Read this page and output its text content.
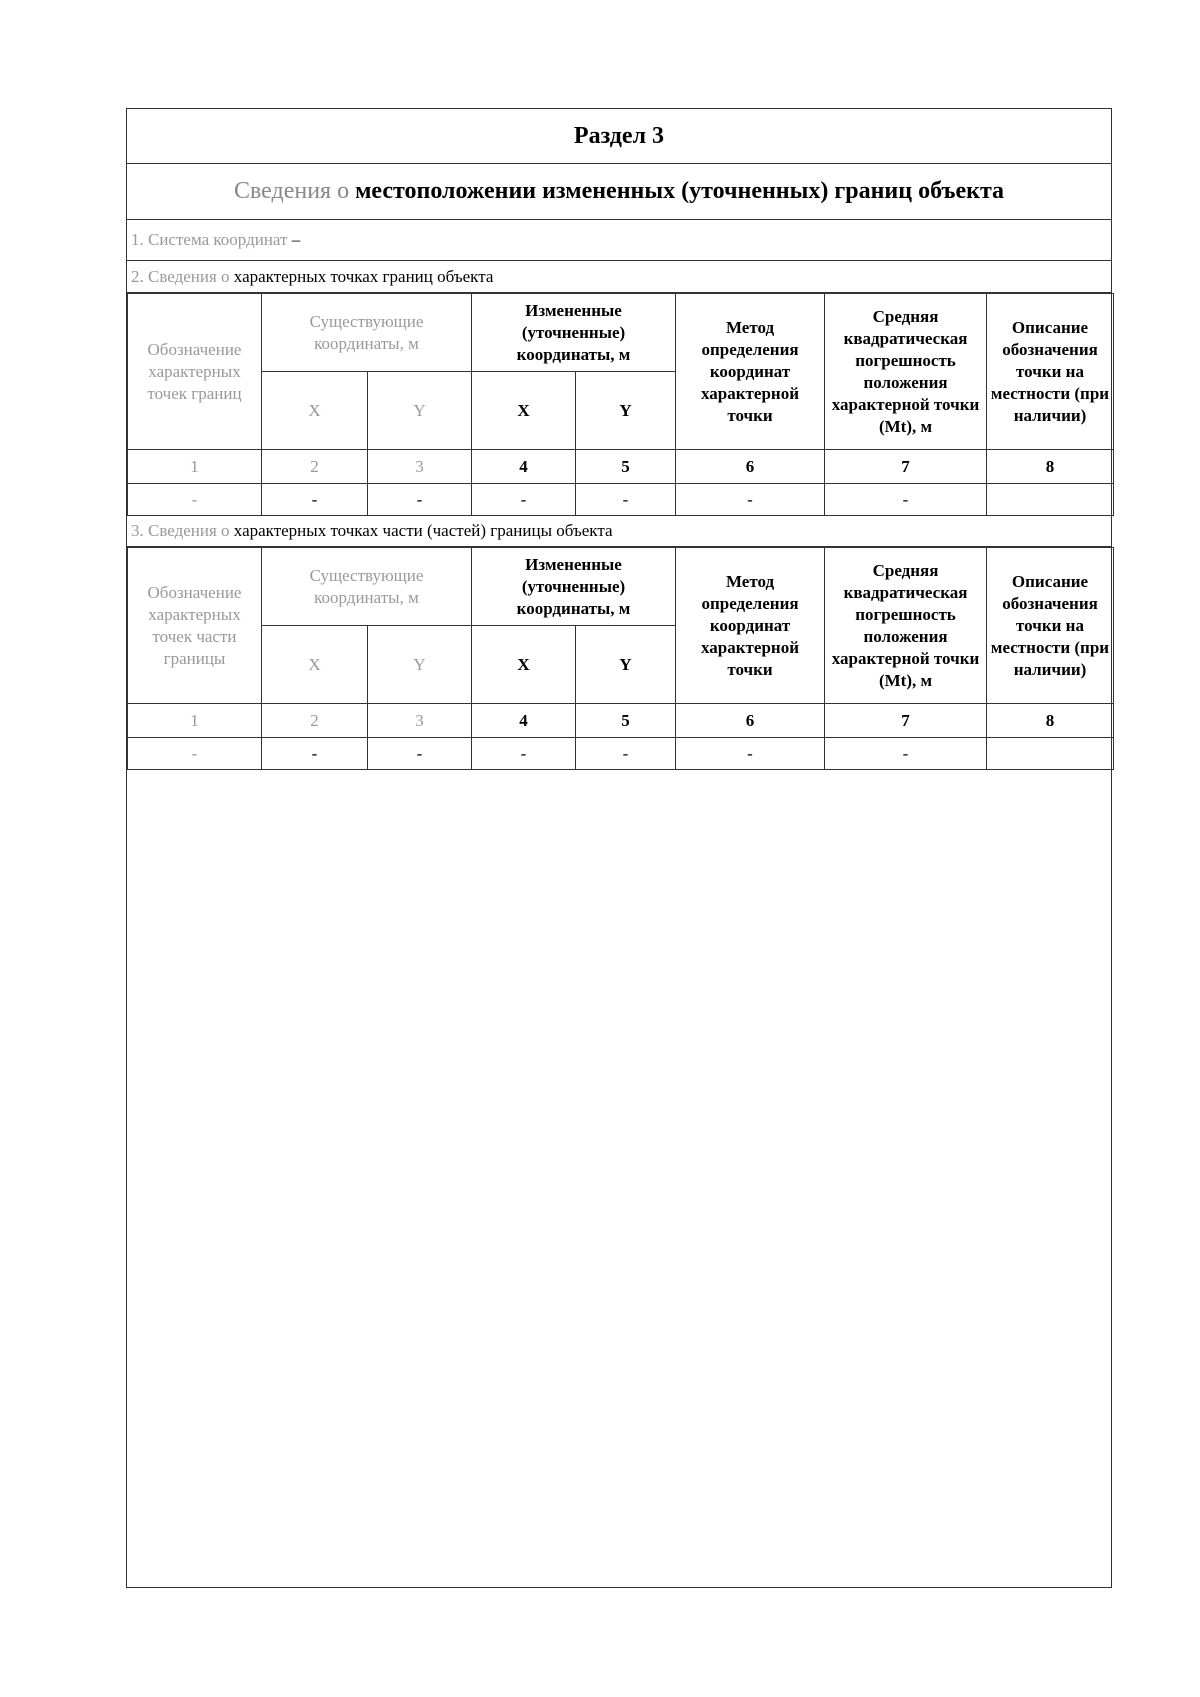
Раздел 3
Сведения о местоположении измененных (уточненных) границ объекта
1. Система координат –
2. Сведения о характерных точках границ объекта
Обозначение характерных точек границ	Существующие координаты, м		Измененные (уточненные) координаты, м		Метод определения координат характерной точки	Средняя квадратическая погрешность положения характерной точки (Mt), м	Описание обозначения точки на местности (при наличии)
	X	Y	X	Y			
1	2	3	4	5	6	7	8
-	-	-	-	-	-	-	
3. Сведения о характерных точках части (частей) границы объекта
Обозначение характерных точек части границы	Существующие координаты, м		Измененные (уточненные) координаты, м		Метод определения координат характерной точки	Средняя квадратическая погрешность положения характерной точки (Mt), м	Описание обозначения точки на местности (при наличии)
	X	Y	X	Y			
1	2	3	4	5	6	7	8
-	-	-	-	-	-	-	
